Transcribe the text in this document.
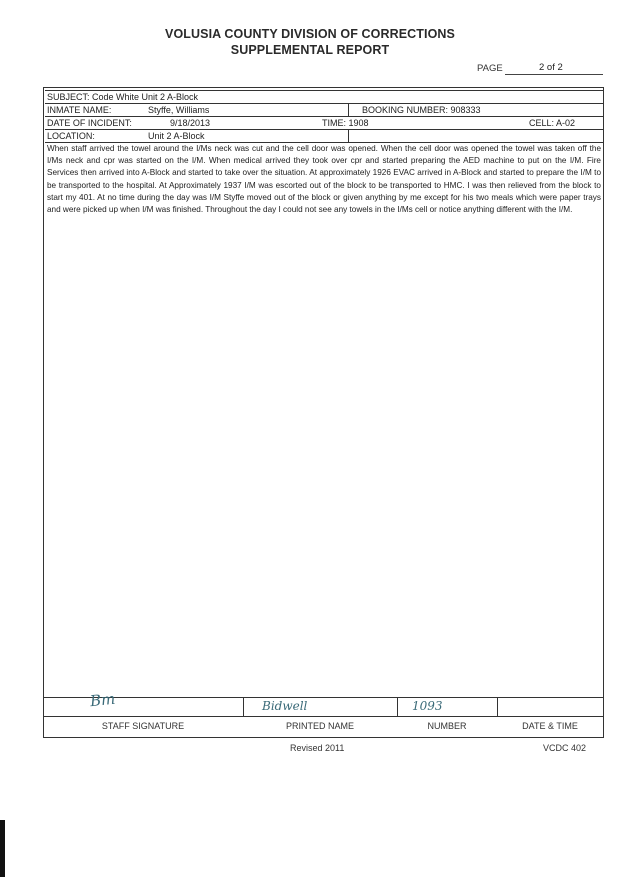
VOLUSIA COUNTY DIVISION OF CORRECTIONS
SUPPLEMENTAL REPORT
PAGE	2 of 2
SUBJECT: Code White Unit 2 A-Block
INMATE NAME:	Styffe, Williams	BOOKING NUMBER: 908333
DATE OF INCIDENT:	9/18/2013	TIME: 1908	CELL: A-02
LOCATION:	Unit 2 A-Block
When staff arrived the towel around the I/Ms neck was cut and the cell door was opened. When the cell door was opened the towel was taken off the I/Ms neck and cpr was started on the I/M. When medical arrived they took over cpr and started preparing the AED machine to put on the I/M. Fire Services then arrived into A-Block and started to take over the situation. At approximately 1926 EVAC arrived in A-Block and started to prepare the I/M to be transported to the hospital. At Approximately 1937 I/M was escorted out of the block to be transported to HMC. I was then relieved from the block to start my 401. At no time during the day was I/M Styffe moved out of the block or given anything by me except for his two meals which were paper trays and were picked up when I/M was finished. Throughout the day I could not see any towels in the I/Ms cell or notice anything different with the I/M.
Bm	Bidwell	1093
STAFF SIGNATURE	PRINTED NAME	NUMBER	DATE & TIME
Revised 2011	VCDC 402
